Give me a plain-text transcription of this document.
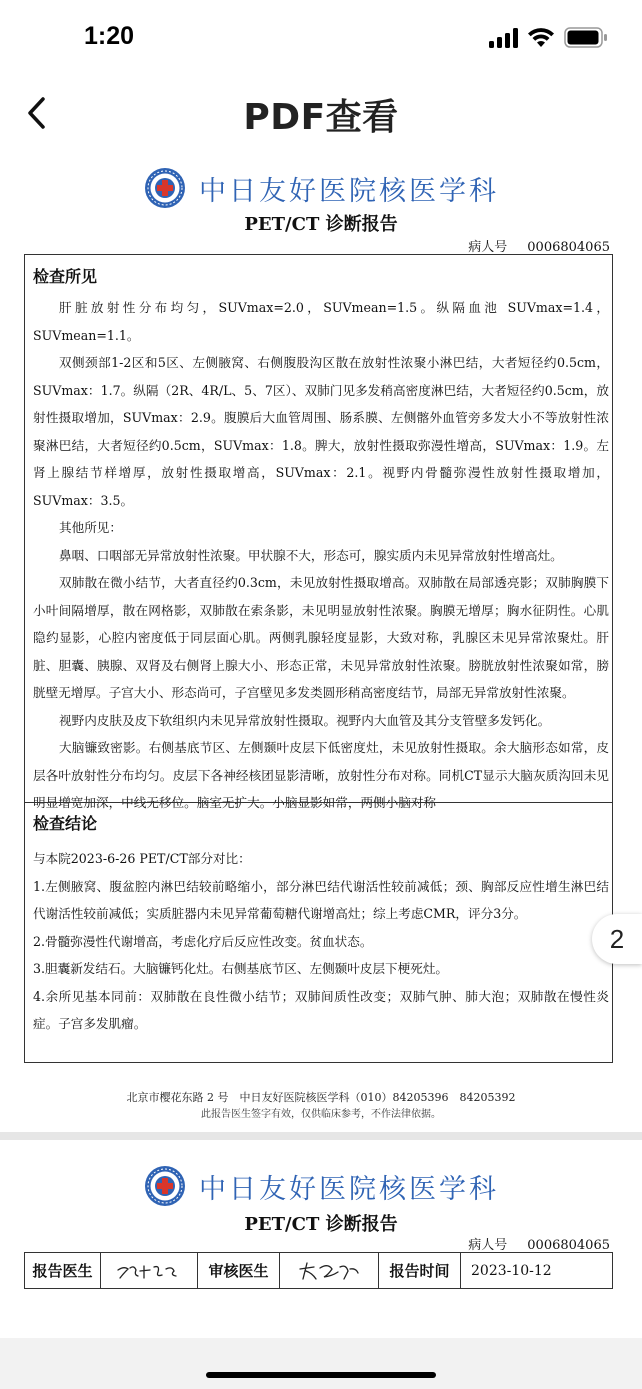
1:20
PDF查看
中日友好医院核医学科
PET/CT 诊断报告
病人号 0006804065
检查所见

肝脏放射性分布均匀，SUVmax=2.0，SUVmean=1.5。纵隔血池 SUVmax=1.4，SUVmean=1.1。

双侧颈部1-2区和5区、左侧腋窝、右侧腹股沟区散在放射性浓聚小淋巴结，大者短径约0.5cm，SUVmax：1.7。纵隔（2R、4R/L、5、7区）、双肺门见多发稍高密度淋巴结，大者短径约0.5cm，放射性摄取增加，SUVmax：2.9。腹膜后大血管周围、肠系膜、左侧髂外血管旁多发大小不等放射性浓聚淋巴结，大者短径约0.5cm，SUVmax：1.8。脾大，放射性摄取弥漫性增高，SUVmax：1.9。左肾上腺结节样增厚，放射性摄取增高，SUVmax：2.1。视野内骨髓弥漫性放射性摄取增加，SUVmax：3.5。

其他所见：

鼻咽、口咽部无异常放射性浓聚。甲状腺不大，形态可，腺实质内未见异常放射性增高灶。

双肺散在微小结节，大者直径约0.3cm，未见放射性摄取增高。双肺散在局部透亮影；双肺胸膜下小叶间隔增厚，散在网格影，双肺散在索条影，未见明显放射性浓聚。胸膜无增厚；胸水征阴性。心肌隐约显影，心腔内密度低于同层面心肌。两侧乳腺轻度显影，大致对称，乳腺区未见异常浓聚灶。肝脏、胆囊、胰腺、双肾及右侧肾上腺大小、形态正常，未见异常放射性浓聚。膀胱放射性浓聚如常，膀胱壁无增厚。子宫大小、形态尚可，子宫壁见多发类圆形稍高密度结节，局部无异常放射性浓聚。

视野内皮肤及皮下软组织内未见异常放射性摄取。视野内大血管及其分支管壁多发钙化。

大脑镰致密影。右侧基底节区、左侧颞叶皮层下低密度灶，未见放射性摄取。余大脑形态如常，皮层各叶放射性分布均匀。皮层下各神经核团显影清晰，放射性分布对称。同机CT显示大脑灰质沟回未见明显增宽加深，中线无移位。脑室无扩大。小脑显影如常，两侧小脑对称

检查结论

与本院2023-6-26 PET/CT部分对比：

1.左侧腋窝、腹盆腔内淋巴结较前略缩小，部分淋巴结代谢活性较前减低；颈、胸部反应性增生淋巴结代谢活性较前减低；实质脏器内未见异常葡萄糖代谢增高灶；综上考虑CMR，评分3分。

2.骨髓弥漫性代谢增高，考虑化疗后反应性改变。贫血状态。

3.胆囊新发结石。大脑镰钙化灶。右侧基底节区、左侧颞叶皮层下梗死灶。

4.余所见基本同前：双肺散在良性微小结节；双肺间质性改变；双肺气肿、肺大泡；双肺散在慢性炎症。子宫多发肌瘤。

北京市樱花东路 2 号　中日友好医院核医学科（010）84205396　84205392
此报告医生签字有效，仅供临床参考，不作法律依据。
中日友好医院核医学科
PET/CT 诊断报告
病人号 0006804065
报告医生	审核医生	报告时间	2023-10-12
2
